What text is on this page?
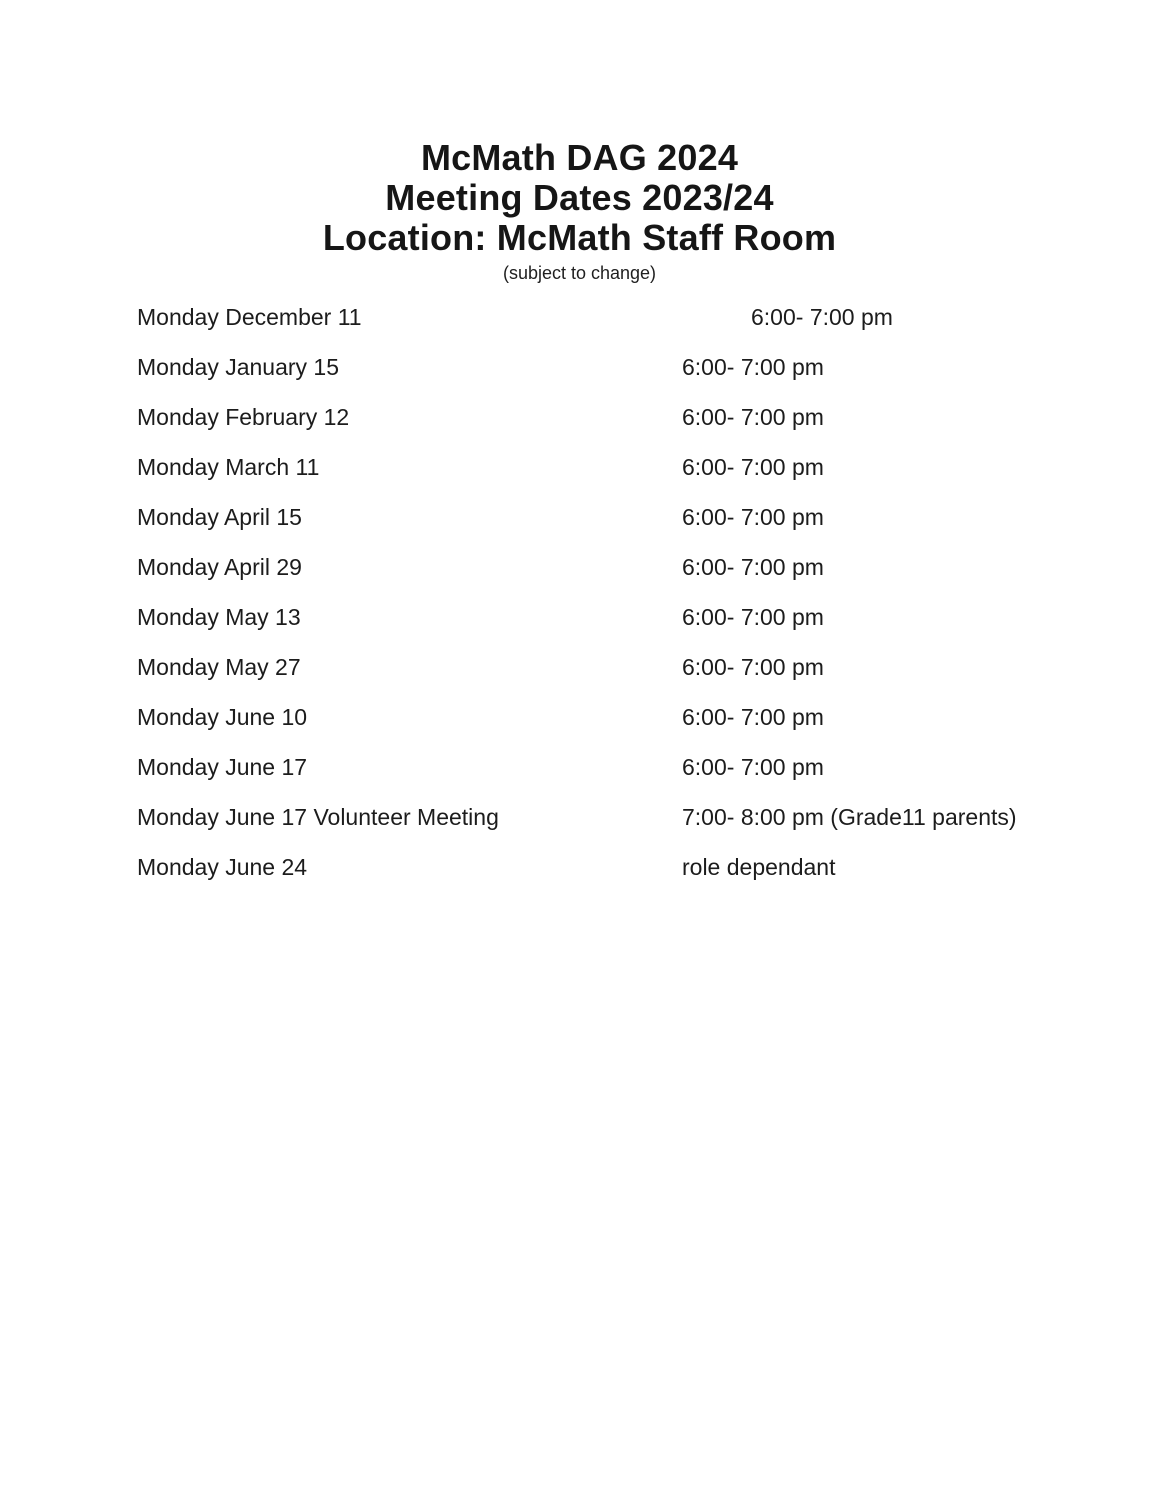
McMath DAG 2024
Meeting Dates 2023/24
Location: McMath Staff Room
(subject to change)
Monday December 11	6:00- 7:00 pm
Monday January 15	6:00- 7:00 pm
Monday February 12	6:00- 7:00 pm
Monday March 11	6:00- 7:00 pm
Monday April 15	6:00- 7:00 pm
Monday April 29	6:00- 7:00 pm
Monday May 13	6:00- 7:00 pm
Monday May 27	6:00- 7:00 pm
Monday June 10	6:00- 7:00 pm
Monday June 17	6:00- 7:00 pm
Monday June 17 Volunteer Meeting	7:00- 8:00 pm (Grade11 parents)
Monday June 24	role dependant
